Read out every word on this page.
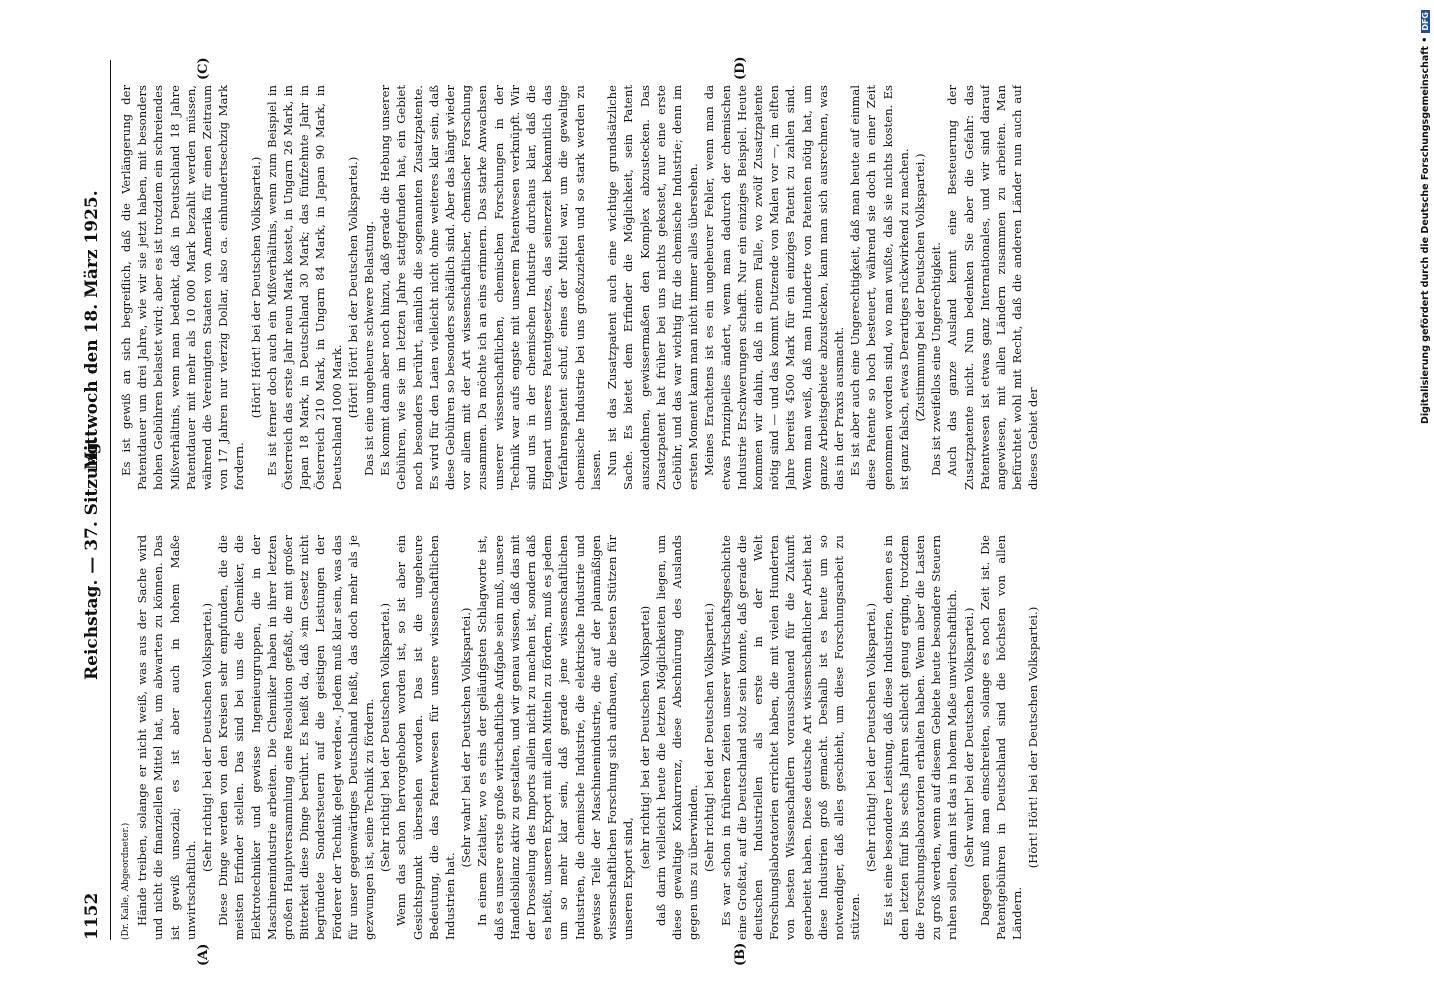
1152
Reichstag. — 37. Sitzung.
Mittwoch den 18. März 1925.

(Dr. Kalle, Abgeordneter.) Hände treiben, solange er nicht weiß, was aus der Sache wird und nicht die finanziellen Mittel hat, um abwarten zu können. Das ist gewiß unsozial; es ist aber auch in hohem Maße unwirtschaftlich.

(Sehr richtig! bei der Deutschen Volkspartei.) Diese Dinge werden von den Kreisen sehr empfunden, die die meisten Erfinder stellen. Das sind bei uns die Chemiker, die Elektrotechniker und gewisse Ingenieurgruppen, die in der Maschinenindustrie arbeiten. Die Chemiker haben in ihrer letzten großen Hauptversammlung eine Resolution gefaßt, die mit großer Bitterkeit diese Dinge berührt. Es heißt da, daß »im Gesetz nicht begründete Sondersteuern auf die geistigen Leistungen der Förderer der Technik gelegt werden«. Jedem muß klar sein, was das für unser gegenwärtiges Deutschland heißt, das doch mehr als je gezwungen ist, seine Technik zu fördern. (Sehr richtig! bei der Deutschen Volkspartei.) Wenn das schon hervorgehoben worden ist, so ist aber ein Gesichtspunkt übersehen worden. Das ist die ungeheure Bedeutung, die das Patentwesen für unsere wissenschaftlichen Industrien hat.

(Sehr wahr! bei der Deutschen Volkspartei.) In einem Zeitalter, wo es eins der geläufigsten Schlagworte ist, daß es unsere erste große wirtschaftliche Aufgabe sein muß, unsere Handelsbilanz aktiv zu gestalten, und wir genau wissen, daß das mit der Drosselung des Imports allein nicht zu machen ist, sondern daß es heißt, unseren Export mit allen Mitteln zu fördern, muß es jedem um so mehr klar sein, daß gerade jene wissenschaftlichen Industrien, die chemische Industrie, die elektrische Industrie und gewisse Teile der Maschinenindustrie, die auf der planmäßigen wissenschaftlichen Forschung sich aufbauen, die besten Stützen für unseren Export sind,

(sehr richtig! bei der Deutschen Volkspartei) daß darin vielleicht heute die letzten Möglichkeiten liegen, um diese gewaltige Konkurrenz, diese Abschnürung des Auslands gegen uns zu überwinden. (Sehr richtig! bei der Deutschen Volkspartei.) Es war schon in früheren Zeiten unserer Wirtschaftsgeschichte eine Großtat, auf die Deutschland stolz sein konnte, daß gerade die deutschen Industriellen als erste in der Welt Forschungslaboratorien errichtet haben, die mit vielen Hunderten von besten Wissenschaftlern vorausschauend für die Zukunft gearbeitet haben. Diese deutsche Art wissenschaftlicher Arbeit hat diese Industrien groß gemacht. Deshalb ist es heute um so notwendiger, daß alles geschieht, um diese Forschungsarbeit zu stützen.

(Sehr richtig! bei der Deutschen Volkspartei.) Es ist eine besondere Leistung, daß diese Industrien, denen es in den letzten fünf bis sechs Jahren schlecht genug erging, trotzdem die Forschungslaboratorien erhalten haben. Wenn aber die Lasten zu groß werden, wenn auf diesem Gebiete heute besondere Steuern ruhen sollen, dann ist das in hohem Maße unwirtschaftlich. (Sehr wahr! bei der Deutschen Volkspartei.) Dagegen muß man einschreiten, solange es noch Zeit ist. Die Patentgebühren in Deutschland sind die höchsten von allen Ländern.

(Hört! Hört! bei der Deutschen Volkspartei.)

Es ist gewiß an sich begreiflich, daß die Verlängerung der Patentdauer um drei Jahre, wie wir sie jetzt haben, mit besonders hohen Gebühren belastet wird; aber es ist trotzdem ein schreiendes Mißverhältnis, wenn man bedenkt, daß in Deutschland 18 Jahre Patentdauer mit mehr als 10 000 Mark bezahlt werden müssen, während die Vereinigten Staaten von Amerika für einen Zeitraum von 17 Jahren nur vierzig Dollar, also ca. einhundertsechzig Mark fordern.

(Hört! Hört! bei der Deutschen Volkspartei.) Es ist ferner doch auch ein Mißverhältnis, wenn zum Beispiel in Österreich das erste Jahr neun Mark kostet, in Ungarn 26 Mark, in Japan 18 Mark, in Deutschland 30 Mark; das fünfzehnte Jahr in Österreich 210 Mark, in Ungarn 84 Mark, in Japan 90 Mark, in Deutschland 1000 Mark. (Hört! Hört! bei der Deutschen Volkspartei.) Das ist eine ungeheure schwere Belastung. Es kommt dann aber noch hinzu, daß gerade die Hebung unserer Gebühren, wie sie im letzten Jahre stattgefunden hat, ein Gebiet noch besonders berührt, nämlich die sogenannten Zusatzpatente. Es wird für den Laien vielleicht nicht ohne weiteres klar sein, daß diese Gebühren so besonders schädlich sind. Aber das hängt wieder vor allem mit der Art wissenschaftlicher, chemischer Forschung zusammen. Da möchte ich an eins erinnern. Das starke Anwachsen unserer wissenschaftlichen, chemischen Forschungen in der Technik war aufs engste mit unserem Patentwesen verknüpft. Wir sind uns in der chemischen Industrie durchaus klar, daß die Eigenart unseres Patentgesetzes, das seinerzeit bekanntlich das Verfahrenspatent schuf, eines der Mittel war, um die gewaltige chemische Industrie bei uns großzuziehen und so stark werden zu lassen. Nun ist das Zusatzpatent auch eine wichtige grundsätzliche Sache. Es bietet dem Erfinder die Möglichkeit, sein Patent auszudehnen, gewissermaßen den Komplex abzustecken. Das Zusatzpatent hat früher bei uns nichts gekostet, nur eine erste Gebühr, und das war wichtig für die chemische Industrie; denn im ersten Moment kann man nicht immer alles übersehen. Meines Erachtens ist es ein ungeheurer Fehler, wenn man da etwas Prinzipielles ändert, wenn man dadurch der chemischen Industrie Erschwerungen schafft. Nur ein einziges Beispiel. Heute kommen wir dahin, daß in einem Falle, wo zwölf Zusatzpatente nötig sind — und das kommt Dutzende von Malen vor —, im elften Jahre bereits 4500 Mark für ein einziges Patent zu zahlen sind. Wenn man weiß, daß man Hunderte von Patenten nötig hat, um ganze Arbeitsgebiete abzustecken, kann man sich ausrechnen, was das in der Praxis ausmacht. Es ist aber auch eine Ungerechtigkeit, daß man heute auf einmal diese Patente so hoch besteuert, während sie doch in einer Zeit genommen worden sind, wo man wußte, daß sie nichts kosten. Es ist ganz falsch, etwas Derartiges rückwirkend zu machen. (Zustimmung bei der Deutschen Volkspartei.) Das ist zweifellos eine Ungerechtigkeit. Auch das ganze Ausland kennt eine Besteuerung der Zusatzpatente nicht. Nun bedenken Sie aber die Gefahr: das Patentwesen ist etwas ganz Internationales, und wir sind darauf angewiesen, mit allen Ländern zusammen zu arbeiten. Man befürchtet wohl mit Recht, daß die anderen Länder nun auch auf dieses Gebiet der

(A)	(B)
(C)	(D)	Digitalisierung gefördert durch die Deutsche Forschungsgemeinschaft •
DFG
